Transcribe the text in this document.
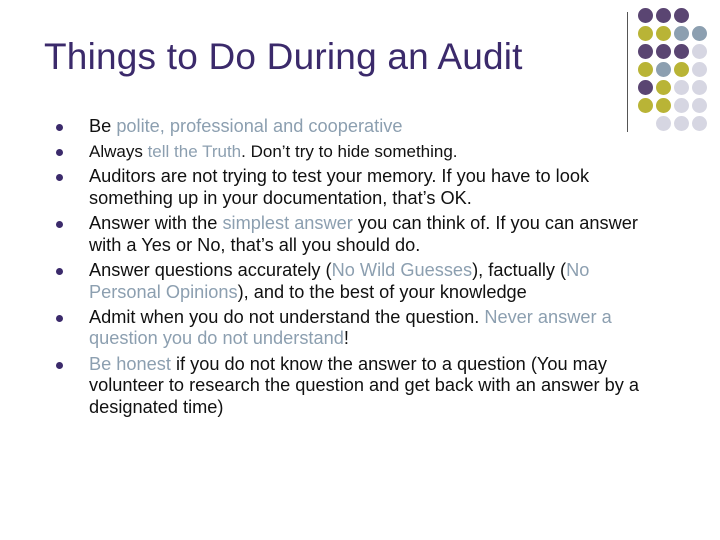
Things to Do During an Audit
Be polite, professional and cooperative
Always tell the Truth. Don’t try to hide something.
Auditors are not trying to test your memory. If you have to look something up in your documentation, that’s OK.
Answer with the simplest answer you can think of. If you can answer with a Yes or No, that’s all you should do.
Answer questions accurately (No Wild Guesses), factually (No Personal Opinions), and to the best of your knowledge
Admit when you do not understand the question. Never answer a question you do not understand!
Be honest if you do not know the answer to a question (You may volunteer to research the question and get back with an answer by a designated time)
